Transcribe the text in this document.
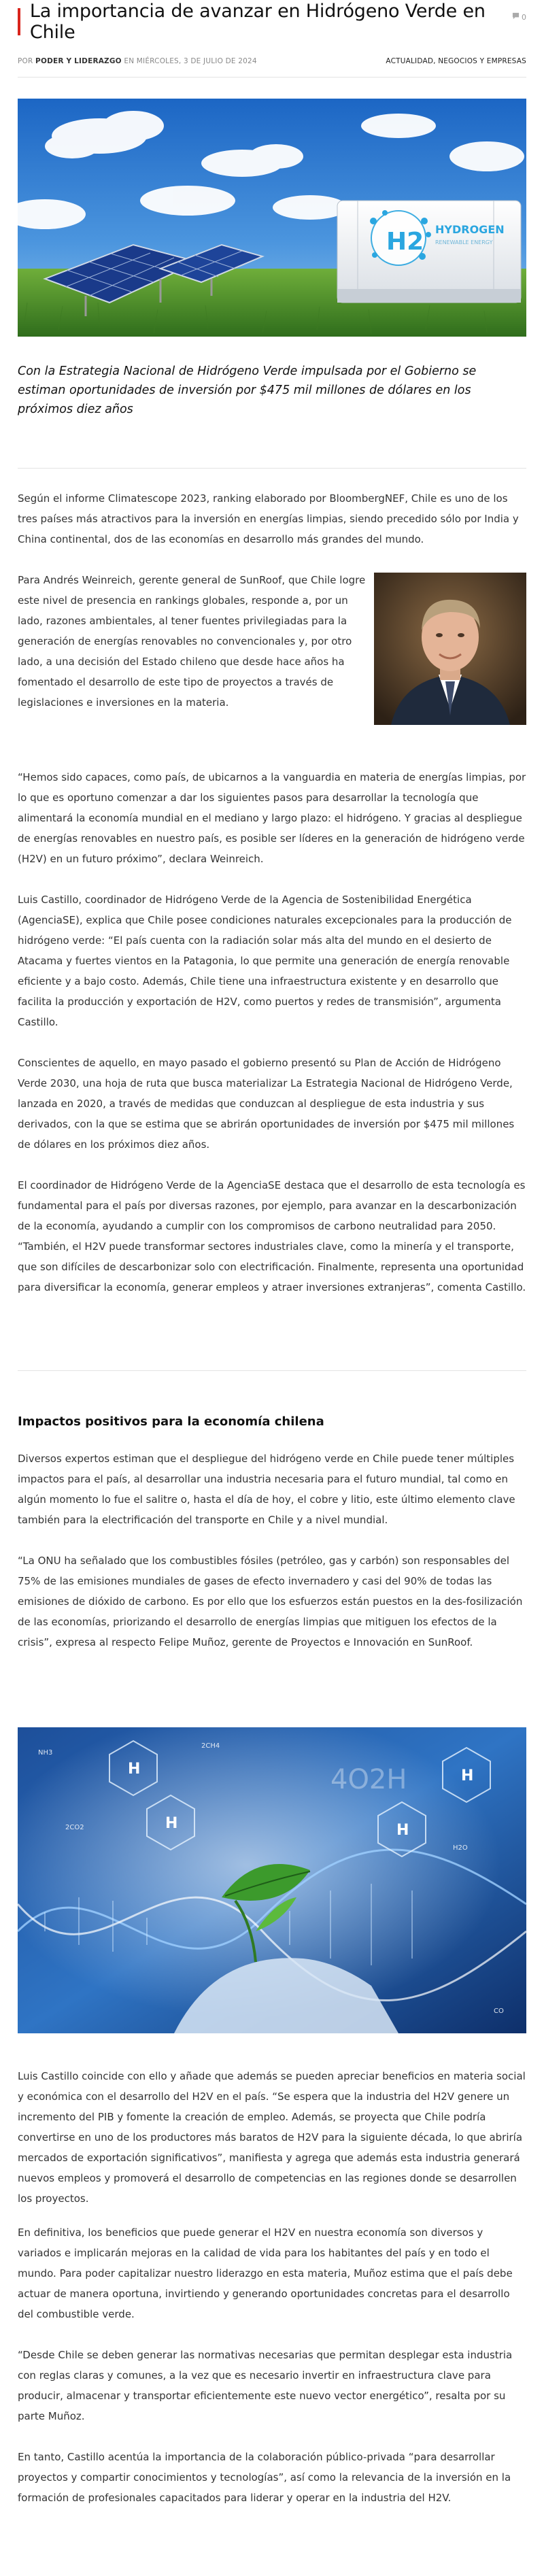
La importancia de avanzar en Hidrógeno Verde en Chile
0
POR PODER Y LIDERAZGO EN MIÉRCOLES, 3 DE JULIO DE 2024	ACTUALIDAD, NEGOCIOS Y EMPRESAS
H2 HYDROGEN
RENEWABLE ENERGY
Con la Estrategia Nacional de Hidrógeno Verde impulsada por el Gobierno se estiman oportunidades de inversión por $475 mil millones de dólares en los próximos diez años

Según el informe Climatescope 2023, ranking elaborado por BloombergNEF, Chile es uno de los tres países más atractivos para la inversión en energías limpias, siendo precedido sólo por India y China continental, dos de las economías en desarrollo más grandes del mundo.

Para Andrés Weinreich, gerente general de SunRoof, que Chile logre este nivel de presencia en rankings globales, responde a, por un lado, razones ambientales, al tener fuentes privilegiadas para la generación de energías renovables no convencionales y, por otro lado, a una decisión del Estado chileno que desde hace años ha fomentado el desarrollo de este tipo de proyectos a través de legislaciones e inversiones en la materia.

“Hemos sido capaces, como país, de ubicarnos a la vanguardia en materia de energías limpias, por lo que es oportuno comenzar a dar los siguientes pasos para desarrollar la tecnología que alimentará la economía mundial en el mediano y largo plazo: el hidrógeno. Y gracias al despliegue de energías renovables en nuestro país, es posible ser líderes en la generación de hidrógeno verde (H2V) en un futuro próximo”, declara Weinreich.

Luis Castillo, coordinador de Hidrógeno Verde de la Agencia de Sostenibilidad Energética (AgenciaSE), explica que Chile posee condiciones naturales excepcionales para la producción de hidrógeno verde: “El país cuenta con la radiación solar más alta del mundo en el desierto de Atacama y fuertes vientos en la Patagonia, lo que permite una generación de energía renovable eficiente y a bajo costo. Además, Chile tiene una infraestructura existente y en desarrollo que facilita la producción y exportación de H2V, como puertos y redes de transmisión”, argumenta Castillo.

Conscientes de aquello, en mayo pasado el gobierno presentó su Plan de Acción de Hidrógeno Verde 2030, una hoja de ruta que busca materializar La Estrategia Nacional de Hidrógeno Verde, lanzada en 2020, a través de medidas que conduzcan al despliegue de esta industria y sus derivados, con la que se estima que se abrirán oportunidades de inversión por $475 mil millones de dólares en los próximos diez años.

El coordinador de Hidrógeno Verde de la AgenciaSE destaca que el desarrollo de esta tecnología es fundamental para el país por diversas razones, por ejemplo, para avanzar en la descarbonización de la economía, ayudando a cumplir con los compromisos de carbono neutralidad para 2050. “También, el H2V puede transformar sectores industriales clave, como la minería y el transporte, que son difíciles de descarbonizar solo con electrificación. Finalmente, representa una oportunidad para diversificar la economía, generar empleos y atraer inversiones extranjeras”, comenta Castillo.

Impactos positivos para la economía chilena

Diversos expertos estiman que el despliegue del hidrógeno verde en Chile puede tener múltiples impactos para el país, al desarrollar una industria necesaria para el futuro mundial, tal como en algún momento lo fue el salitre o, hasta el día de hoy, el cobre y litio, este último elemento clave también para la electrificación del transporte en Chile y a nivel mundial.

“La ONU ha señalado que los combustibles fósiles (petróleo, gas y carbón) son responsables del 75% de las emisiones mundiales de gases de efecto invernadero y casi del 90% de todas las emisiones de dióxido de carbono. Es por ello que los esfuerzos están puestos en la des-fosilización de las economías, priorizando el desarrollo de energías limpias que mitiguen los efectos de la crisis”, expresa al respecto Felipe Muñoz, gerente de Proyectos e Innovación en SunRoof.

H
H	H
H
4O2H
2CH4
2CO2
H2O
NH3
CO

Luis Castillo coincide con ello y añade que además se pueden apreciar beneficios en materia social y económica con el desarrollo del H2V en el país. “Se espera que la industria del H2V genere un incremento del PIB y fomente la creación de empleo. Además, se proyecta que Chile podría convertirse en uno de los productores más baratos de H2V para la siguiente década, lo que abriría mercados de exportación significativos”, manifiesta y agrega que además esta industria generará nuevos empleos y promoverá el desarrollo de competencias en las regiones donde se desarrollen los proyectos.

En definitiva, los beneficios que puede generar el H2V en nuestra economía son diversos y variados e implicarán mejoras en la calidad de vida para los habitantes del país y en todo el mundo. Para poder capitalizar nuestro liderazgo en esta materia, Muñoz estima que el país debe actuar de manera oportuna, invirtiendo y generando oportunidades concretas para el desarrollo del combustible verde.

“Desde Chile se deben generar las normativas necesarias que permitan desplegar esta industria con reglas claras y comunes, a la vez que es necesario invertir en infraestructura clave para producir, almacenar y transportar eficientemente este nuevo vector energético”, resalta por su parte Muñoz.

En tanto, Castillo acentúa la importancia de la colaboración público-privada “para desarrollar proyectos y compartir conocimientos y tecnologías”, así como la relevancia de la inversión en la formación de profesionales capacitados para liderar y operar en la industria del H2V.
